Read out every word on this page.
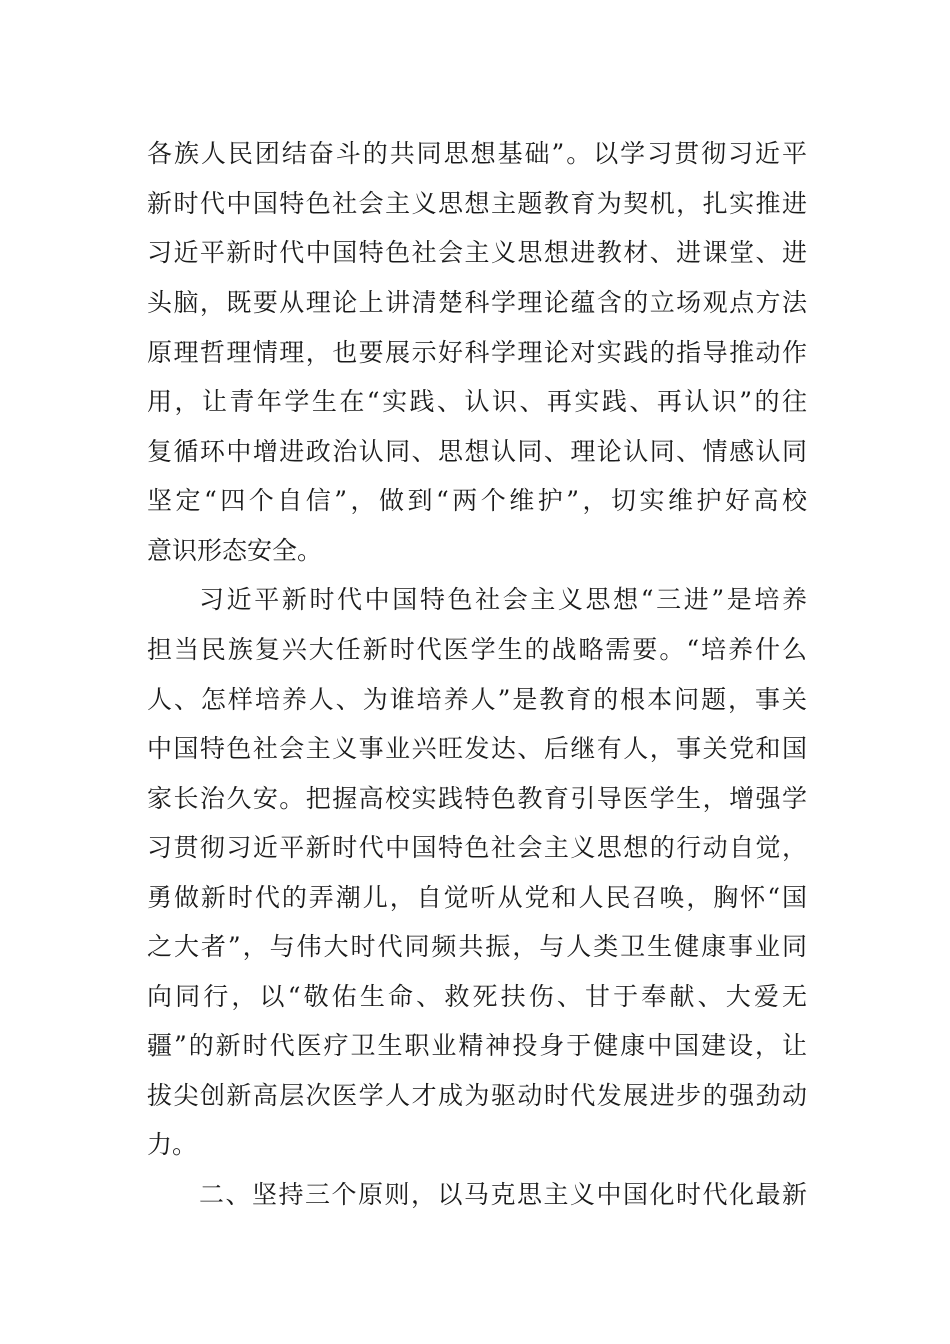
各族人民团结奋斗的共同思想基础”。以学习贯彻习近平
新时代中国特色社会主义思想主题教育为契机，扎实推进
习近平新时代中国特色社会主义思想进教材、进课堂、进
头脑，既要从理论上讲清楚科学理论蕴含的立场观点方法
原理哲理情理，也要展示好科学理论对实践的指导推动作
用，让青年学生在“实践、认识、再实践、再认识”的往
复循环中增进政治认同、思想认同、理论认同、情感认同
坚定“四个自信”，做到“两个维护”，切实维护好高校
意识形态安全。
习近平新时代中国特色社会主义思想“三进”是培养
担当民族复兴大任新时代医学生的战略需要。“培养什么
人、怎样培养人、为谁培养人”是教育的根本问题，事关
中国特色社会主义事业兴旺发达、后继有人，事关党和国
家长治久安。把握高校实践特色教育引导医学生，增强学
习贯彻习近平新时代中国特色社会主义思想的行动自觉，
勇做新时代的弄潮儿，自觉听从党和人民召唤，胸怀“国
之大者”，与伟大时代同频共振，与人类卫生健康事业同
向同行，以“敬佑生命、救死扶伤、甘于奉献、大爱无
疆”的新时代医疗卫生职业精神投身于健康中国建设，让
拔尖创新高层次医学人才成为驱动时代发展进步的强劲动
力。
二、坚持三个原则，以马克思主义中国化时代化最新
